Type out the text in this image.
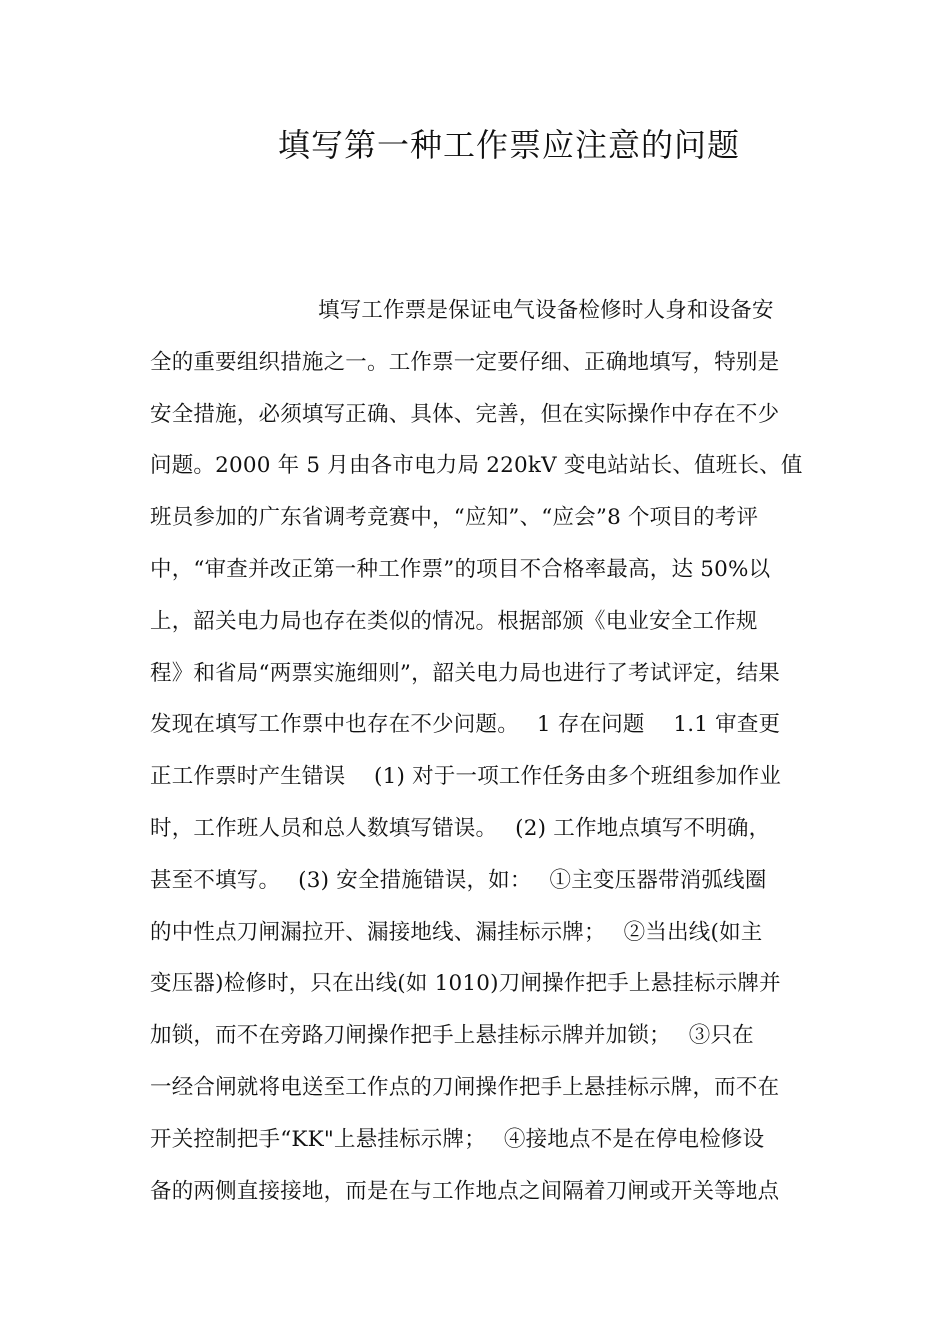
填写第一种工作票应注意的问题
填写工作票是保证电气设备检修时人身和设备安
全的重要组织措施之一。工作票一定要仔细、正确地填写，特别是
安全措施，必须填写正确、具体、完善，但在实际操作中存在不少
问题。2000 年 5 月由各市电力局 220kV 变电站站长、值班长、值
班员参加的广东省调考竞赛中，“应知”、“应会”8 个项目的考评
中，“审查并改正第一种工作票”的项目不合格率最高，达 50%以
上，韶关电力局也存在类似的情况。根据部颁《电业安全工作规
程》和省局“两票实施细则”，韶关电力局也进行了考试评定，结果
发现在填写工作票中也存在不少问题。　 1 存在问题　 1.1 审查更
正工作票时产生错误　 (1) 对于一项工作任务由多个班组参加作业
时，工作班人员和总人数填写错误。　 (2) 工作地点填写不明确，
甚至不填写。　 (3) 安全措施错误，如：　 ①主变压器带消弧线圈
的中性点刀闸漏拉开、漏接地线、漏挂标示牌；　 ②当出线(如主
变压器)检修时，只在出线(如 1010)刀闸操作把手上悬挂标示牌并
加锁，而不在旁路刀闸操作把手上悬挂标示牌并加锁；　 ③只在
一经合闸就将电送至工作点的刀闸操作把手上悬挂标示牌，而不在
开关控制把手“KK"上悬挂标示牌；　 ④接地点不是在停电检修设
备的两侧直接接地，而是在与工作地点之间隔着刀闸或开关等地点
